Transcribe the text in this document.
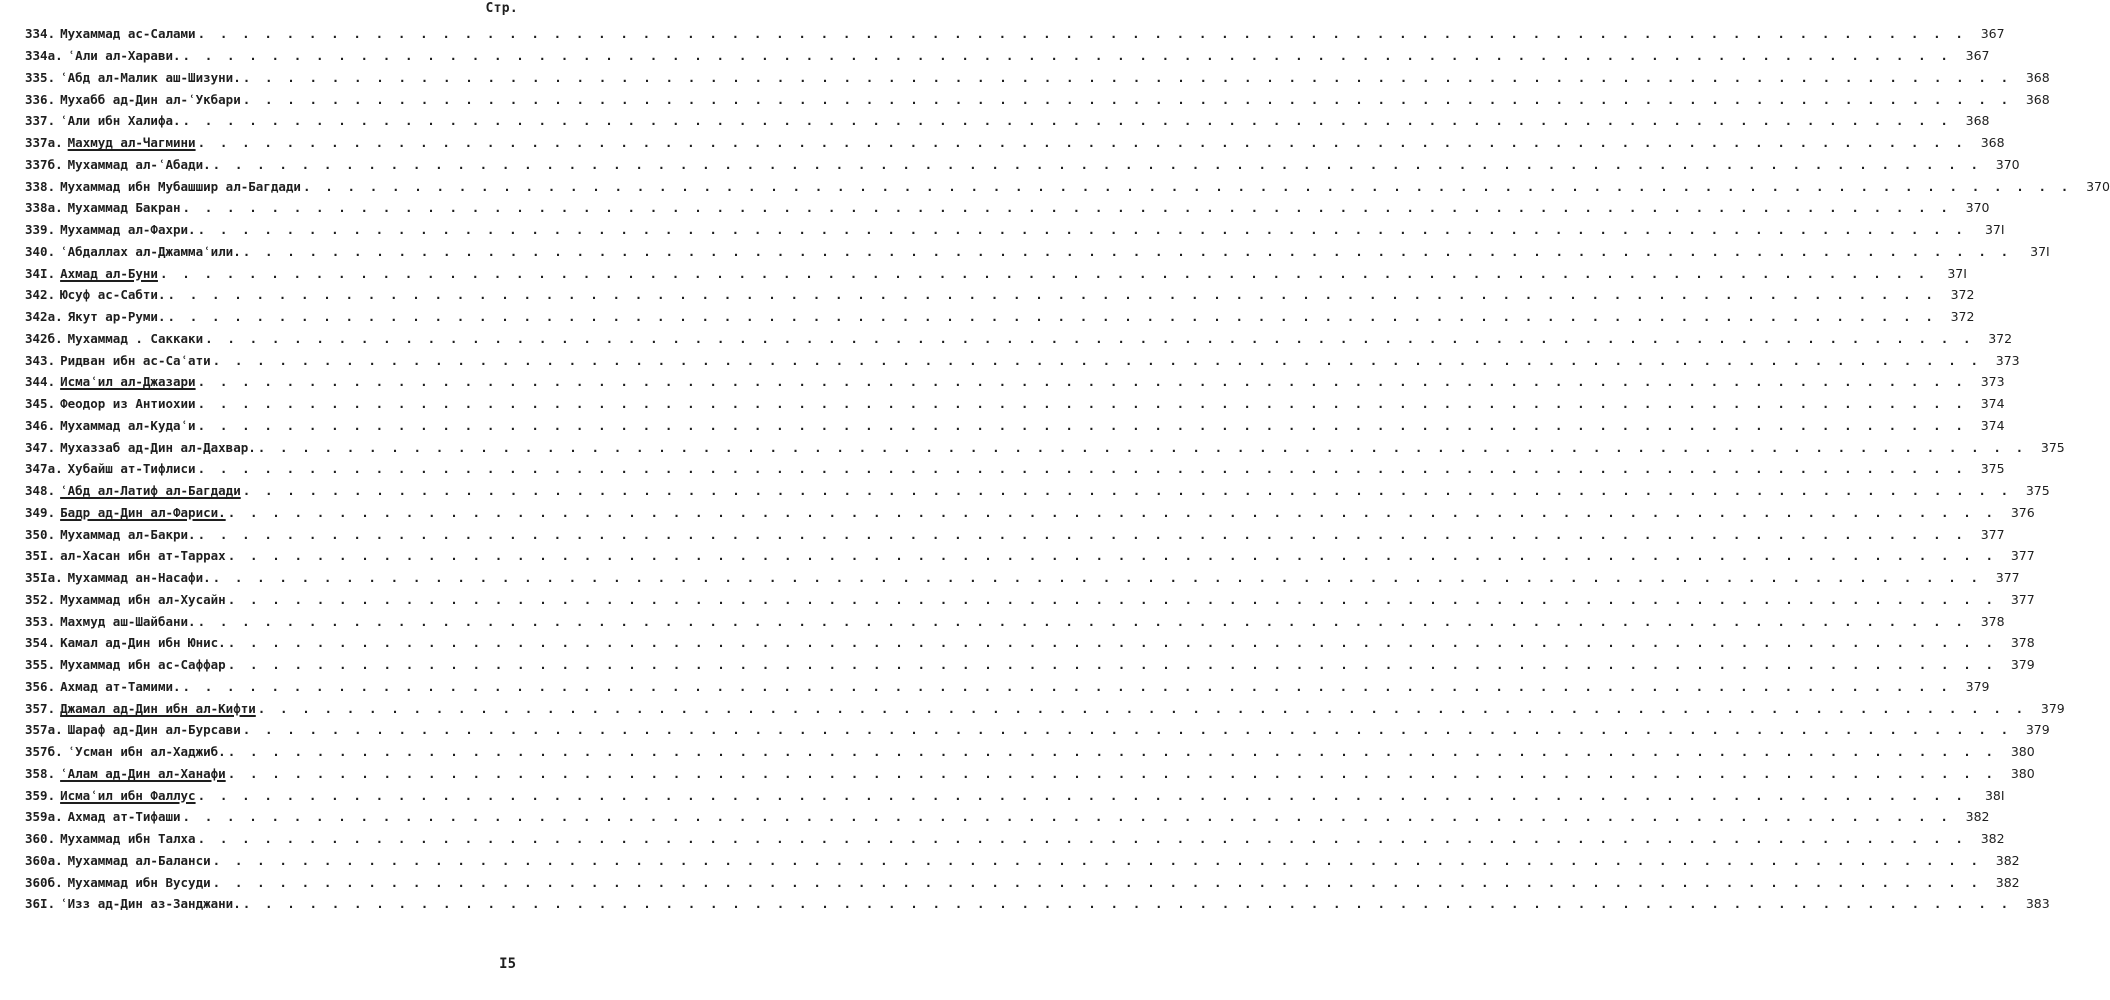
Стр.
334. Мухаммад ас-Салами . . . . . . . . . . . . . . . . . . . . . . . . . . . . . . . . . . . . . . . . . . . . . . . . . . . . . . . . . . . . . . . . . . . . . . . . . . . . . . . .	367
334а. ʿАли ал-Харави. . . . . . . . . . . . . . . . . . . . . . . . . . . . . . . . . . . . . . . . . . . . . . . . . . . . . . . . . . . . . . . . . . . . . . . . . . . . . . . . .	367
335. ʿАбд ал-Малик аш-Шизуни. . . . . . . . . . . . . . . . . . . . . . . . . . . . . . . . . . . . . . . . . . . . . . . . . . . . . . . . . . . . . . . . . . . . . . . . . . . . . . . . .	368
336. Мухабб ад-Дин ал-ʿУкбари . . . . . . . . . . . . . . . . . . . . . . . . . . . . . . . . . . . . . . . . . . . . . . . . . . . . . . . . . . . . . . . . . . . . . . . . . . . . . . . .	368
337. ʿАли ибн Халифа. . . . . . . . . . . . . . . . . . . . . . . . . . . . . . . . . . . . . . . . . . . . . . . . . . . . . . . . . . . . . . . . . . . . . . . . . . . . . . . . .	368
337а. Махмуд ал-Чагмини . . . . . . . . . . . . . . . . . . . . . . . . . . . . . . . . . . . . . . . . . . . . . . . . . . . . . . . . . . . . . . . . . . . . . . . . . . . . . . . .	368
337б. Мухаммад ал-ʿАбади. . . . . . . . . . . . . . . . . . . . . . . . . . . . . . . . . . . . . . . . . . . . . . . . . . . . . . . . . . . . . . . . . . . . . . . . . . . . . . . . .	370
338. Мухаммад ибн Мубашшир ал-Багдади . . . . . . . . . . . . . . . . . . . . . . . . . . . . . . . . . . . . . . . . . . . . . . . . . . . . . . . . . . . . . . . . . . . . . . . . . . . . . . . .	370
338а. Мухаммад Бакран . . . . . . . . . . . . . . . . . . . . . . . . . . . . . . . . . . . . . . . . . . . . . . . . . . . . . . . . . . . . . . . . . . . . . . . . . . . . . . . .	370
339. Мухаммад ал-Фахри. . . . . . . . . . . . . . . . . . . . . . . . . . . . . . . . . . . . . . . . . . . . . . . . . . . . . . . . . . . . . . . . . . . . . . . . . . . . . . . . .	37I
340. ʿАбдаллах ал-Джаммаʿили. . . . . . . . . . . . . . . . . . . . . . . . . . . . . . . . . . . . . . . . . . . . . . . . . . . . . . . . . . . . . . . . . . . . . . . . . . . . . . . . .	37I
34I. Ахмад ал-Буни . . . . . . . . . . . . . . . . . . . . . . . . . . . . . . . . . . . . . . . . . . . . . . . . . . . . . . . . . . . . . . . . . . . . . . . . . . . . . . . .	37I
342. Юсуф ас-Сабти. . . . . . . . . . . . . . . . . . . . . . . . . . . . . . . . . . . . . . . . . . . . . . . . . . . . . . . . . . . . . . . . . . . . . . . . . . . . . . . . .	372
342а. Якут ар-Руми. . . . . . . . . . . . . . . . . . . . . . . . . . . . . . . . . . . . . . . . . . . . . . . . . . . . . . . . . . . . . . . . . . . . . . . . . . . . . . . . .	372
342б. Мухаммад . Саккаки . . . . . . . . . . . . . . . . . . . . . . . . . . . . . . . . . . . . . . . . . . . . . . . . . . . . . . . . . . . . . . . . . . . . . . . . . . . . . . . .	372
343. Ридван ибн ас-Саʿати . . . . . . . . . . . . . . . . . . . . . . . . . . . . . . . . . . . . . . . . . . . . . . . . . . . . . . . . . . . . . . . . . . . . . . . . . . . . . . . .	373
344. Исмаʿил ал-Джазари . . . . . . . . . . . . . . . . . . . . . . . . . . . . . . . . . . . . . . . . . . . . . . . . . . . . . . . . . . . . . . . . . . . . . . . . . . . . . . . .	373
345. Феодор из Антиохии . . . . . . . . . . . . . . . . . . . . . . . . . . . . . . . . . . . . . . . . . . . . . . . . . . . . . . . . . . . . . . . . . . . . . . . . . . . . . . . .	374
346. Мухаммад ал-Кудаʿи . . . . . . . . . . . . . . . . . . . . . . . . . . . . . . . . . . . . . . . . . . . . . . . . . . . . . . . . . . . . . . . . . . . . . . . . . . . . . . . .	374
347. Мухаззаб ад-Дин ал-Дахвар. . . . . . . . . . . . . . . . . . . . . . . . . . . . . . . . . . . . . . . . . . . . . . . . . . . . . . . . . . . . . . . . . . . . . . . . . . . . . . . . .	375
347а. Хубайш ат-Тифлиси . . . . . . . . . . . . . . . . . . . . . . . . . . . . . . . . . . . . . . . . . . . . . . . . . . . . . . . . . . . . . . . . . . . . . . . . . . . . . . . .	375
348. ʿАбд ал-Латиф ал-Багдади . . . . . . . . . . . . . . . . . . . . . . . . . . . . . . . . . . . . . . . . . . . . . . . . . . . . . . . . . . . . . . . . . . . . . . . . . . . . . . . .	375
349. Бадр ад-Дин ал-Фариси. . . . . . . . . . . . . . . . . . . . . . . . . . . . . . . . . . . . . . . . . . . . . . . . . . . . . . . . . . . . . . . . . . . . . . . . . . . . . . . . .	376
350. Мухаммад ал-Бакри. . . . . . . . . . . . . . . . . . . . . . . . . . . . . . . . . . . . . . . . . . . . . . . . . . . . . . . . . . . . . . . . . . . . . . . . . . . . . . . . .	377
35I. ал-Хасан ибн ат-Таррах . . . . . . . . . . . . . . . . . . . . . . . . . . . . . . . . . . . . . . . . . . . . . . . . . . . . . . . . . . . . . . . . . . . . . . . . . . . . . . . .	377
35Iа. Мухаммад ан-Насафи. . . . . . . . . . . . . . . . . . . . . . . . . . . . . . . . . . . . . . . . . . . . . . . . . . . . . . . . . . . . . . . . . . . . . . . . . . . . . . . . .	377
352. Мухаммад ибн ал-Хусайн . . . . . . . . . . . . . . . . . . . . . . . . . . . . . . . . . . . . . . . . . . . . . . . . . . . . . . . . . . . . . . . . . . . . . . . . . . . . . . . .	377
353. Махмуд аш-Шайбани. . . . . . . . . . . . . . . . . . . . . . . . . . . . . . . . . . . . . . . . . . . . . . . . . . . . . . . . . . . . . . . . . . . . . . . . . . . . . . . . .	378
354. Камал ад-Дин ибн Юнис. . . . . . . . . . . . . . . . . . . . . . . . . . . . . . . . . . . . . . . . . . . . . . . . . . . . . . . . . . . . . . . . . . . . . . . . . . . . . . . . .	378
355. Мухаммад ибн ас-Саффар . . . . . . . . . . . . . . . . . . . . . . . . . . . . . . . . . . . . . . . . . . . . . . . . . . . . . . . . . . . . . . . . . . . . . . . . . . . . . . . .	379
356. Ахмад ат-Тамими. . . . . . . . . . . . . . . . . . . . . . . . . . . . . . . . . . . . . . . . . . . . . . . . . . . . . . . . . . . . . . . . . . . . . . . . . . . . . . . . .	379
357. Джамал ад-Дин ибн ал-Кифти . . . . . . . . . . . . . . . . . . . . . . . . . . . . . . . . . . . . . . . . . . . . . . . . . . . . . . . . . . . . . . . . . . . . . . . . . . . . . . . .	379
357а. Шараф ад-Дин ал-Бурсави . . . . . . . . . . . . . . . . . . . . . . . . . . . . . . . . . . . . . . . . . . . . . . . . . . . . . . . . . . . . . . . . . . . . . . . . . . . . . . . .	379
357б. ʿУсман ибн ал-Хаджиб. . . . . . . . . . . . . . . . . . . . . . . . . . . . . . . . . . . . . . . . . . . . . . . . . . . . . . . . . . . . . . . . . . . . . . . . . . . . . . . . .	380
358. ʿАлам ад-Дин ал-Ханафи . . . . . . . . . . . . . . . . . . . . . . . . . . . . . . . . . . . . . . . . . . . . . . . . . . . . . . . . . . . . . . . . . . . . . . . . . . . . . . . .	380
359. Исмаʿил ибн Фаллус . . . . . . . . . . . . . . . . . . . . . . . . . . . . . . . . . . . . . . . . . . . . . . . . . . . . . . . . . . . . . . . . . . . . . . . . . . . . . . . .	38I
359а. Ахмад ат-Тифаши . . . . . . . . . . . . . . . . . . . . . . . . . . . . . . . . . . . . . . . . . . . . . . . . . . . . . . . . . . . . . . . . . . . . . . . . . . . . . . . .	382
360. Мухаммад ибн Талха . . . . . . . . . . . . . . . . . . . . . . . . . . . . . . . . . . . . . . . . . . . . . . . . . . . . . . . . . . . . . . . . . . . . . . . . . . . . . . . .	382
360а. Мухаммад ал-Баланси . . . . . . . . . . . . . . . . . . . . . . . . . . . . . . . . . . . . . . . . . . . . . . . . . . . . . . . . . . . . . . . . . . . . . . . . . . . . . . . .	382
360б. Мухаммад ибн Вусуди . . . . . . . . . . . . . . . . . . . . . . . . . . . . . . . . . . . . . . . . . . . . . . . . . . . . . . . . . . . . . . . . . . . . . . . . . . . . . . . .	382
36I. ʿИзз ад-Дин аз-Занджани. . . . . . . . . . . . . . . . . . . . . . . . . . . . . . . . . . . . . . . . . . . . . . . . . . . . . . . . . . . . . . . . . . . . . . . . . . . . . . . . .	383
I5
